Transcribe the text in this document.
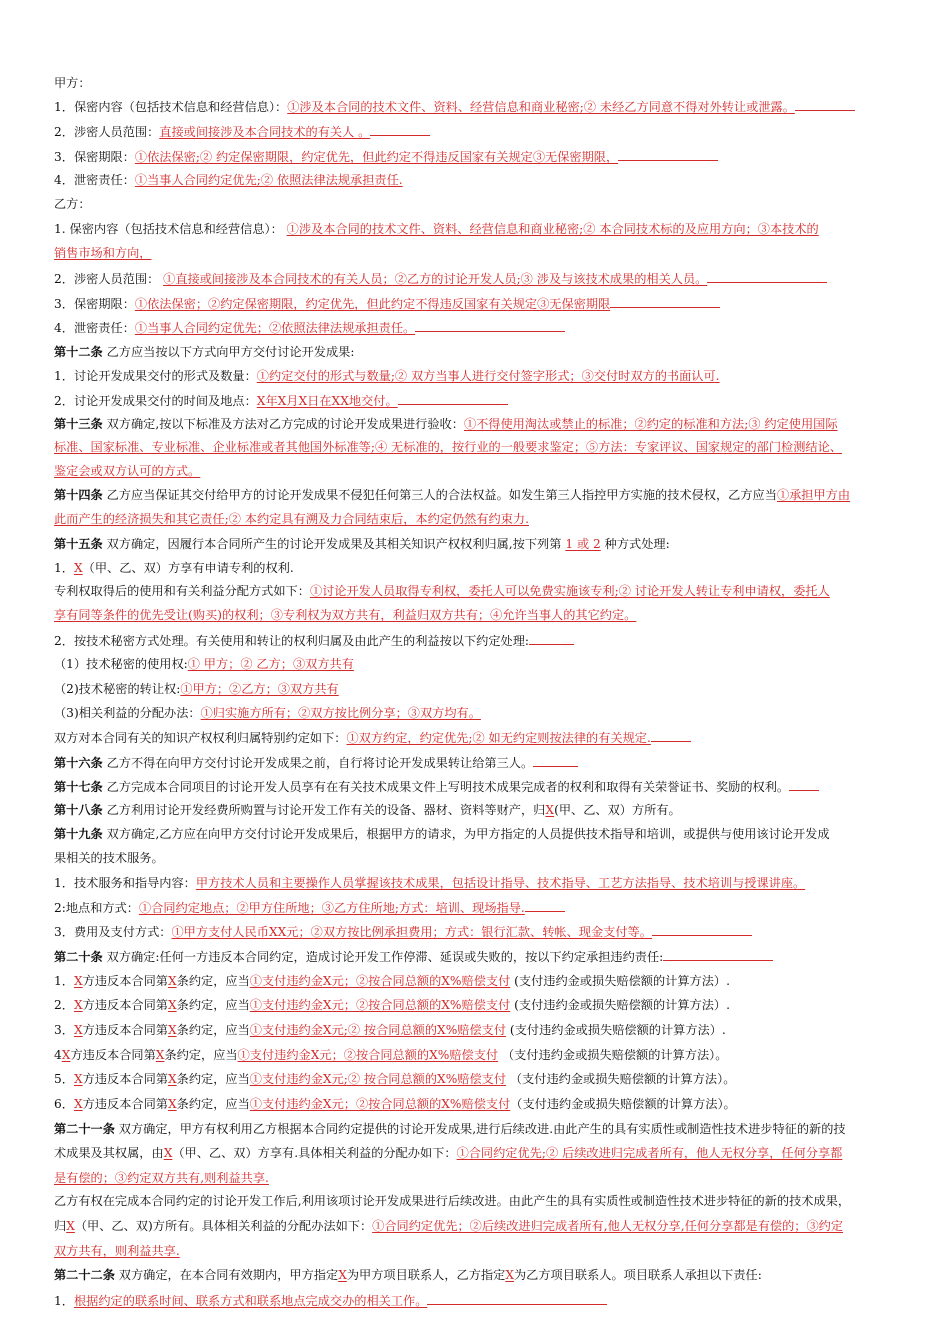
甲方：
1．保密内容（包括技术信息和经营信息）：①涉及本合同的技术文件、资料、经营信息和商业秘密;② 未经乙方同意不得对外转让或泄露。
2．涉密人员范围：直接或间接涉及本合同技术的有关人 。
3．保密期限：①依法保密;② 约定保密期限，约定优先，但此约定不得违反国家有关规定③无保密期限，
4．泄密责任：①当事人合同约定优先;② 依照法律法规承担责任.
乙方：
1. 保密内容（包括技术信息和经营信息）： ①涉及本合同的技术文件、资料、经营信息和商业秘密;② 本合同技术标的及应用方向；③本技术的
销售市场和方向，
2．涉密人员范围： ①直接或间接涉及本合同技术的有关人员；②乙方的讨论开发人员;③ 涉及与该技术成果的相关人员。
3．保密期限：①依法保密；②约定保密期限，约定优先，但此约定不得违反国家有关规定③无保密期限
4．泄密责任：①当事人合同约定优先；②依照法律法规承担责任。
第十二条 乙方应当按以下方式向甲方交付讨论开发成果:
1．讨论开发成果交付的形式及数量：①约定交付的形式与数量;② 双方当事人进行交付签字形式；③交付时双方的书面认可.
2．讨论开发成果交付的时间及地点：X年X月X日在XX地交付。
第十三条 双方确定,按以下标准及方法对乙方完成的讨论开发成果进行验收：①不得使用淘汰或禁止的标准；②约定的标准和方法;③ 约定使用国际
标准、国家标准、专业标准、企业标准或者其他国外标准等;④ 无标准的，按行业的一般要求鉴定；⑤方法：专家评议、国家规定的部门检测结论、
鉴定会或双方认可的方式。
第十四条 乙方应当保证其交付给甲方的讨论开发成果不侵犯任何第三人的合法权益。如发生第三人指控甲方实施的技术侵权，乙方应当①承担甲方由
此而产生的经济损失和其它责任;② 本约定具有溯及力合同结束后，本约定仍然有约束力.
第十五条 双方确定，因履行本合同所产生的讨论开发成果及其相关知识产权权利归属,按下列第 1 或 2 种方式处理:
1．X（甲、乙、双）方享有申请专利的权利.
专利权取得后的使用和有关利益分配方式如下：①讨论开发人员取得专利权，委托人可以免费实施该专利;② 讨论开发人转让专利申请权，委托人
享有同等条件的优先受让(购买)的权利；③专利权为双方共有，利益归双方共有；④允许当事人的其它约定。
2．按技术秘密方式处理。有关使用和转让的权利归属及由此产生的利益按以下约定处理:
（1）技术秘密的使用权:① 甲方；② 乙方；③双方共有
（2)技术秘密的转让权:①甲方；②乙方；③双方共有
（3)相关利益的分配办法：①归实施方所有；②双方按比例分享；③双方均有。
双方对本合同有关的知识产权权利归属特别约定如下：①双方约定，约定优先;② 如无约定则按法律的有关规定.
第十六条 乙方不得在向甲方交付讨论开发成果之前，自行将讨论开发成果转让给第三人。
第十七条 乙方完成本合同项目的讨论开发人员享有在有关技术成果文件上写明技术成果完成者的权利和取得有关荣誉证书、奖励的权利。
第十八条 乙方利用讨论开发经费所购置与讨论开发工作有关的设备、器材、资料等财产，归X(甲、乙、双）方所有。
第十九条 双方确定,乙方应在向甲方交付讨论开发成果后，根据甲方的请求，为甲方指定的人员提供技术指导和培训，或提供与使用该讨论开发成
果相关的技术服务。
1．技术服务和指导内容：甲方技术人员和主要操作人员掌握该技术成果，包括设计指导、技术指导、工艺方法指导、技术培训与授课讲座。
2:地点和方式：①合同约定地点；②甲方住所地；③乙方住所地;方式：培训、现场指导.
3．费用及支付方式：①甲方支付人民币XX元；②双方按比例承担费用；方式：银行汇款、转帐、现金支付等。
第二十条 双方确定:任何一方违反本合同约定，造成讨论开发工作停滞、延误或失败的，按以下约定承担违约责任:
1．X方违反本合同第X条约定，应当①支付违约金X元；②按合同总额的X%赔偿支付 (支付违约金或损失赔偿额的计算方法）.
2．X方违反本合同第X条约定，应当①支付违约金X元；②按合同总额的X%赔偿支付 (支付违约金或损失赔偿额的计算方法）.
3．X方违反本合同第X条约定，应当①支付违约金X元;② 按合同总额的X%赔偿支付 (支付违约金或损失赔偿额的计算方法）.
4X方违反本合同第X条约定，应当①支付违约金X元；②按合同总额的X%赔偿支付 （支付违约金或损失赔偿额的计算方法）。
5．X方违反本合同第X条约定，应当①支付违约金X元;② 按合同总额的X%赔偿支付 （支付违约金或损失赔偿额的计算方法）。
6．X方违反本合同第X条约定，应当①支付违约金X元；②按合同总额的X%赔偿支付（支付违约金或损失赔偿额的计算方法）。
第二十一条 双方确定，甲方有权利用乙方根据本合同约定提供的讨论开发成果,进行后续改进.由此产生的具有实质性或制造性技术进步特征的新的技
术成果及其权属，由X（甲、乙、双）方享有.具体相关利益的分配办如下：①合同约定优先;② 后续改进归完成者所有，他人无权分享，任何分享都
是有偿的；③约定双方共有,则利益共享.
乙方有权在完成本合同约定的讨论开发工作后,利用该项讨论开发成果进行后续改进。由此产生的具有实质性或制造性技术进步特征的新的技术成果，
归X（甲、乙、双)方所有。具体相关利益的分配办法如下：①合同约定优先；②后续改进归完成者所有,他人无权分享,任何分享都是有偿的；③约定
双方共有，则利益共享.
第二十二条 双方确定，在本合同有效期内，甲方指定X为甲方项目联系人，乙方指定X为乙方项目联系人。项目联系人承担以下责任:
1．根据约定的联系时间、联系方式和联系地点完成交办的相关工作。
